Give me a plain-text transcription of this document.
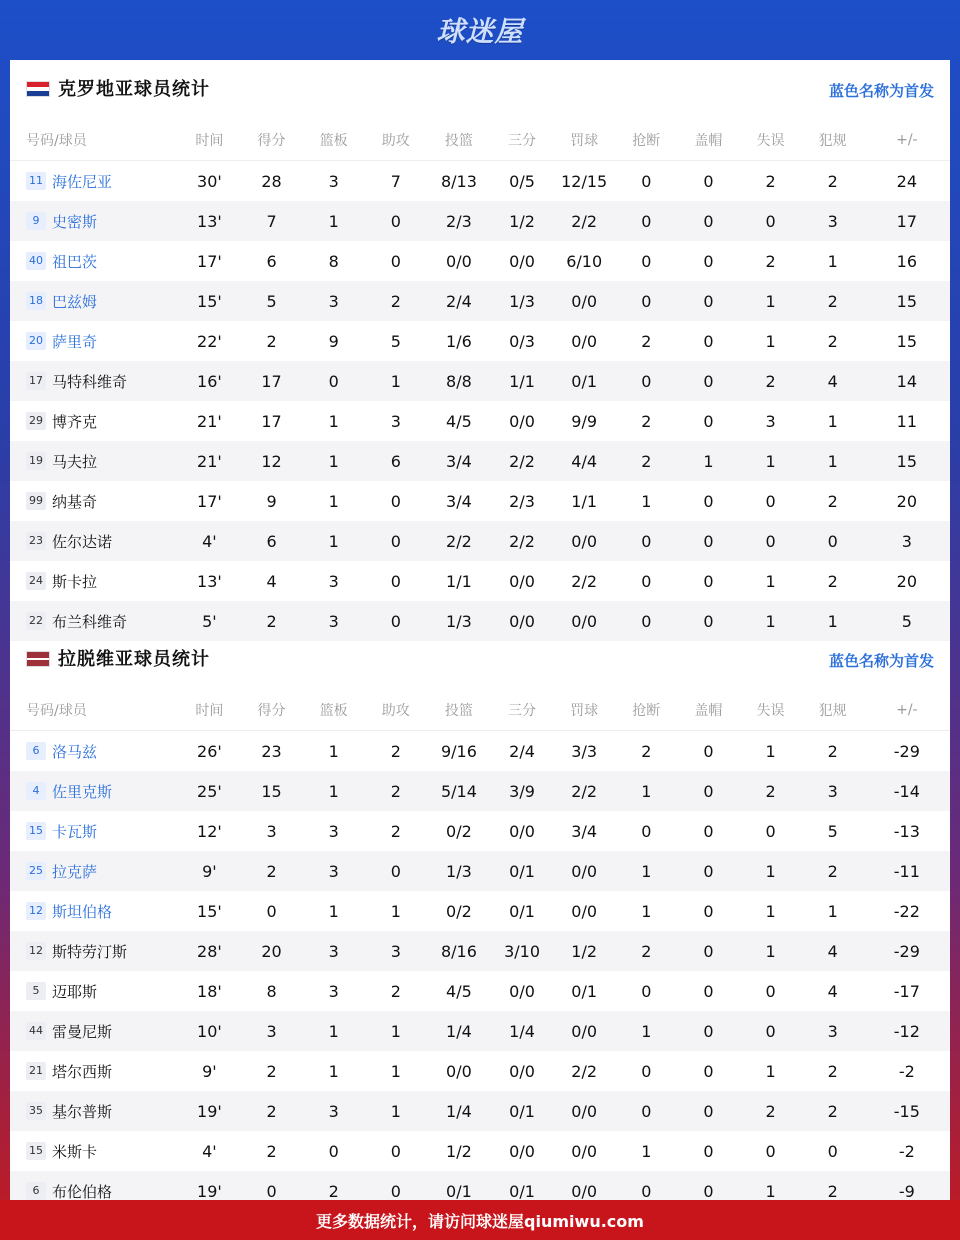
球迷屋
克罗地亚球员统计	蓝色名称为首发
号码/球员	时间	得分	篮板	助攻	投篮	三分	罚球	抢断	盖帽	失误	犯规	+/-
11 海佐尼亚	30'	28	3	7	8/13	0/5	12/15	0	0	2	2	24
9 史密斯	13'	7	1	0	2/3	1/2	2/2	0	0	0	3	17
40 祖巴茨	17'	6	8	0	0/0	0/0	6/10	0	0	2	1	16
18 巴兹姆	15'	5	3	2	2/4	1/3	0/0	0	0	1	2	15
20 萨里奇	22'	2	9	5	1/6	0/3	0/0	2	0	1	2	15
17 马特科维奇	16'	17	0	1	8/8	1/1	0/1	0	0	2	4	14
29 博齐克	21'	17	1	3	4/5	0/0	9/9	2	0	3	1	11
19 马夫拉	21'	12	1	6	3/4	2/2	4/4	2	1	1	1	15
99 纳基奇	17'	9	1	0	3/4	2/3	1/1	1	0	0	2	20
23 佐尔达诺	4'	6	1	0	2/2	2/2	0/0	0	0	0	0	3
24 斯卡拉	13'	4	3	0	1/1	0/0	2/2	0	0	1	2	20
22 布兰科维奇	5'	2	3	0	1/3	0/0	0/0	0	0	1	1	5
拉脱维亚球员统计	蓝色名称为首发
号码/球员	时间	得分	篮板	助攻	投篮	三分	罚球	抢断	盖帽	失误	犯规	+/-
6 洛马兹	26'	23	1	2	9/16	2/4	3/3	2	0	1	2	-29
4 佐里克斯	25'	15	1	2	5/14	3/9	2/2	1	0	2	3	-14
15 卡瓦斯	12'	3	3	2	0/2	0/0	3/4	0	0	0	5	-13
25 拉克萨	9'	2	3	0	1/3	0/1	0/0	1	0	1	2	-11
12 斯坦伯格	15'	0	1	1	0/2	0/1	0/0	1	0	1	1	-22
12 斯特劳汀斯	28'	20	3	3	8/16	3/10	1/2	2	0	1	4	-29
5 迈耶斯	18'	8	3	2	4/5	0/0	0/1	0	0	0	4	-17
44 雷曼尼斯	10'	3	1	1	1/4	1/4	0/0	1	0	0	3	-12
21 塔尔西斯	9'	2	1	1	0/0	0/0	2/2	0	0	1	2	-2
35 基尔普斯	19'	2	3	1	1/4	0/1	0/0	0	0	2	2	-15
15 米斯卡	4'	2	0	0	1/2	0/0	0/0	1	0	0	0	-2
6 布伦伯格	19'	0	2	0	0/1	0/1	0/0	0	0	1	2	-9
更多数据统计，请访问球迷屋qiumiwu.com
